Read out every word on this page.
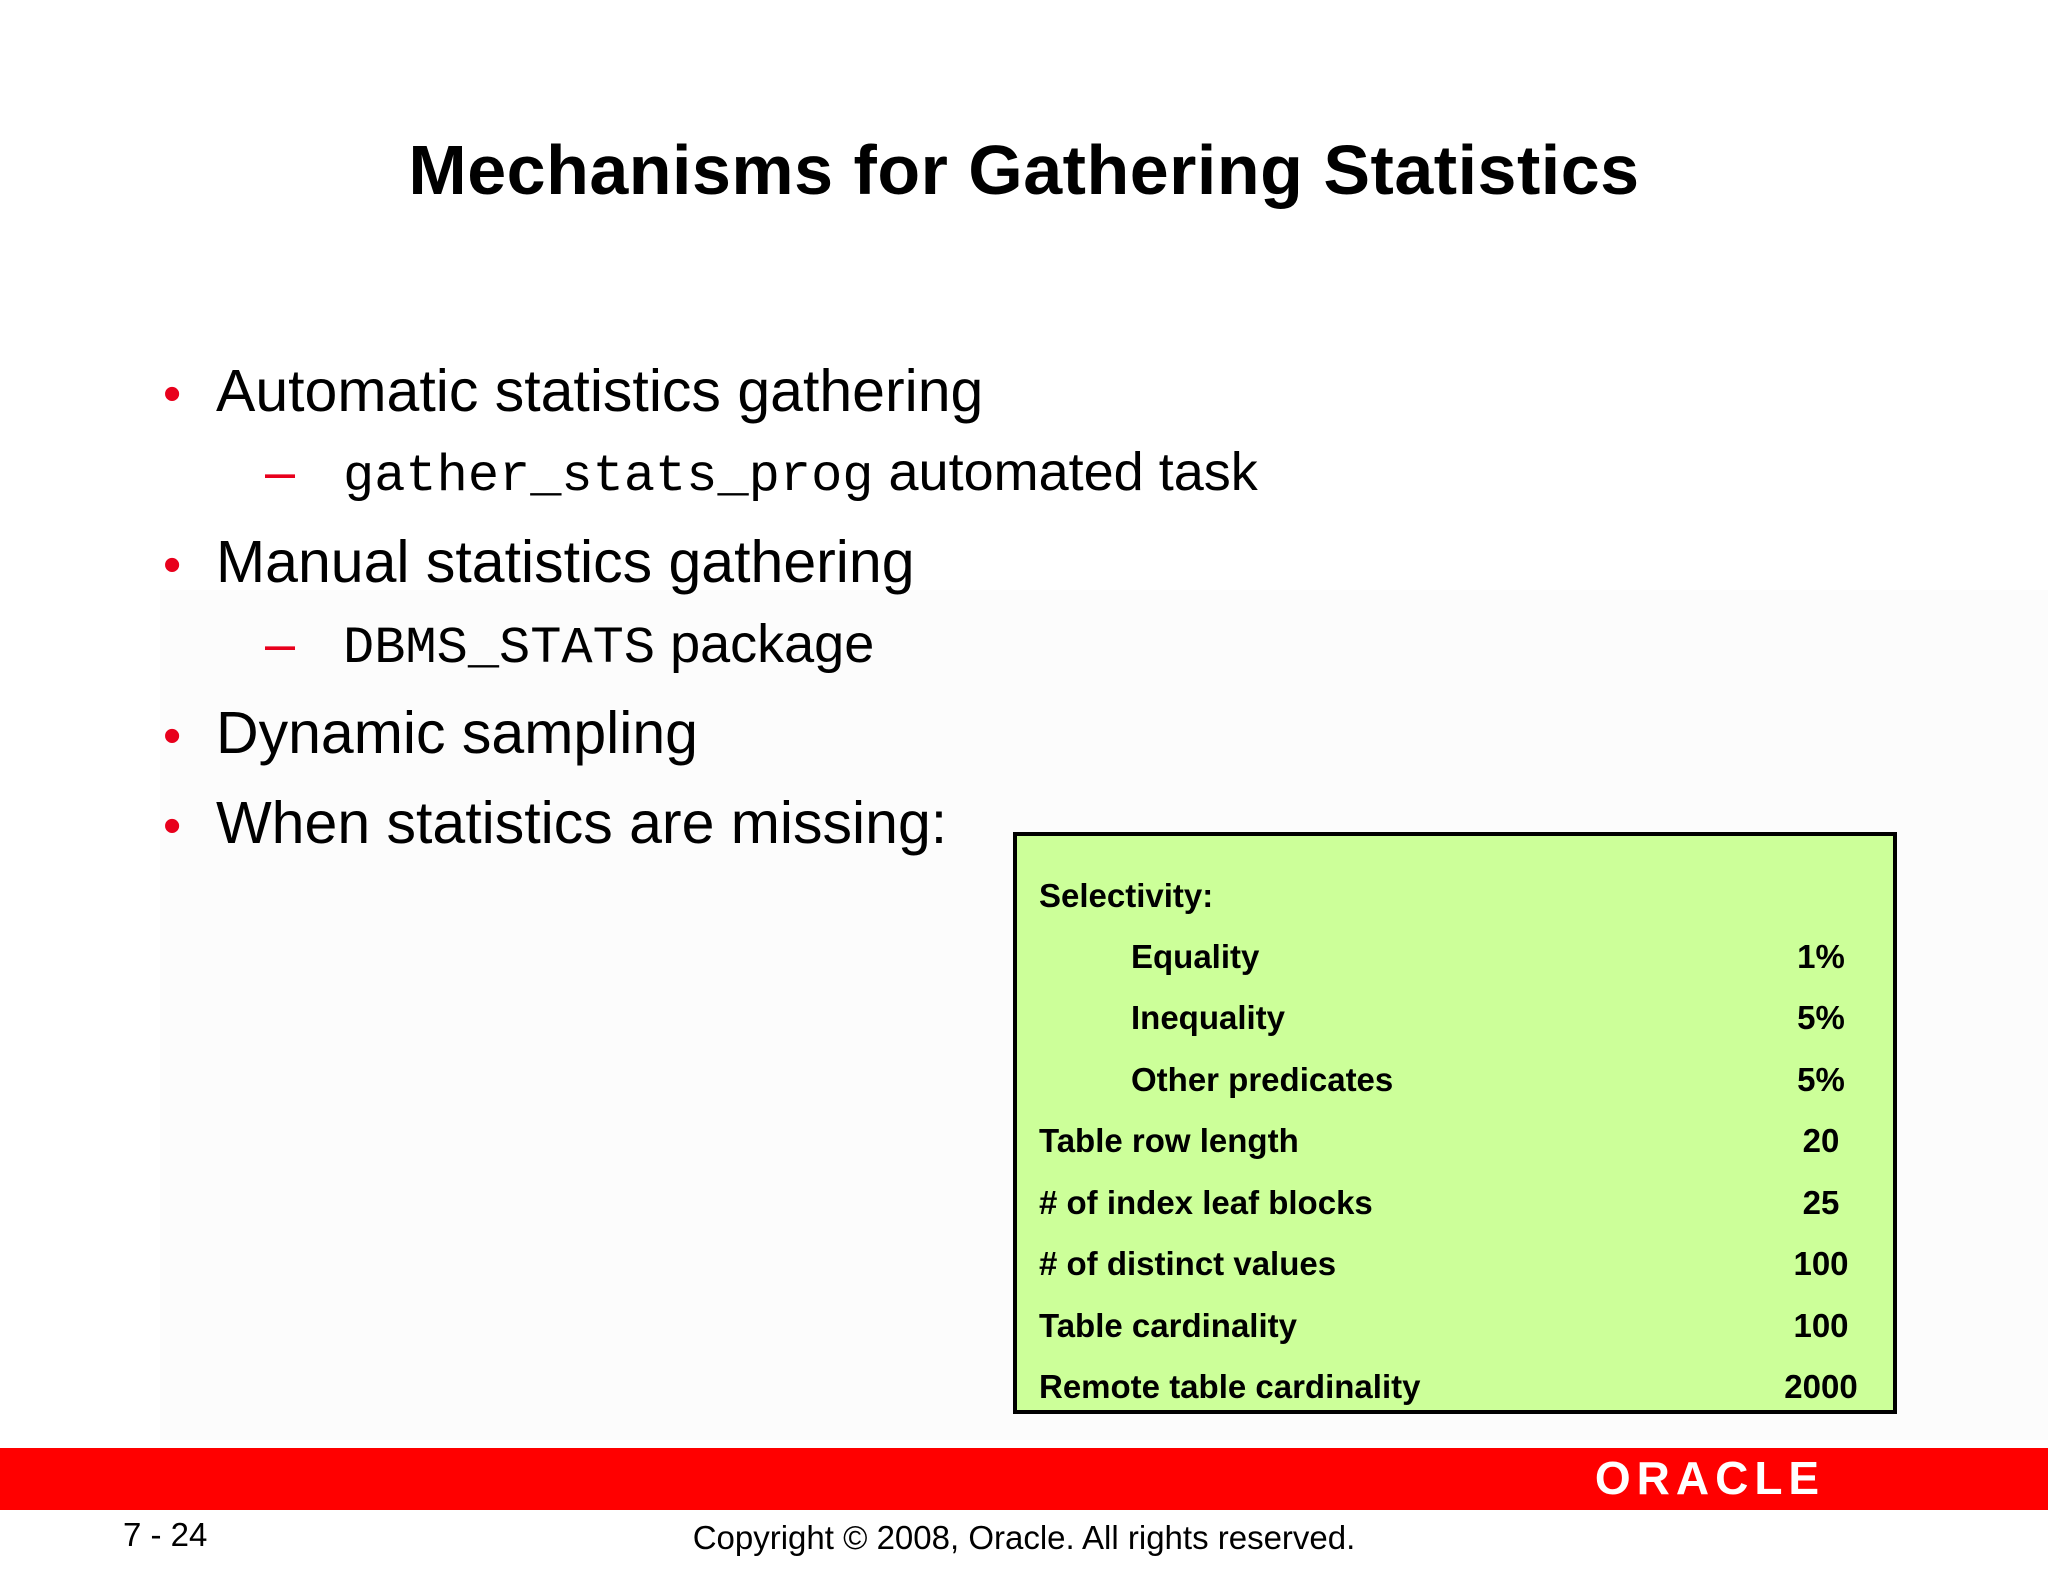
Mechanisms for Gathering Statistics
• Automatic statistics gathering
– gather_stats_prog automated task
• Manual statistics gathering
– DBMS_STATS package
• Dynamic sampling
• When statistics are missing:
Selectivity:
Equality	1%
Inequality	5%
Other predicates	5%
Table row length	20
# of index leaf blocks	25
# of distinct values	100
Table cardinality	100
Remote table cardinality	2000
ORACLE
7 - 24	Copyright © 2008, Oracle. All rights reserved.
